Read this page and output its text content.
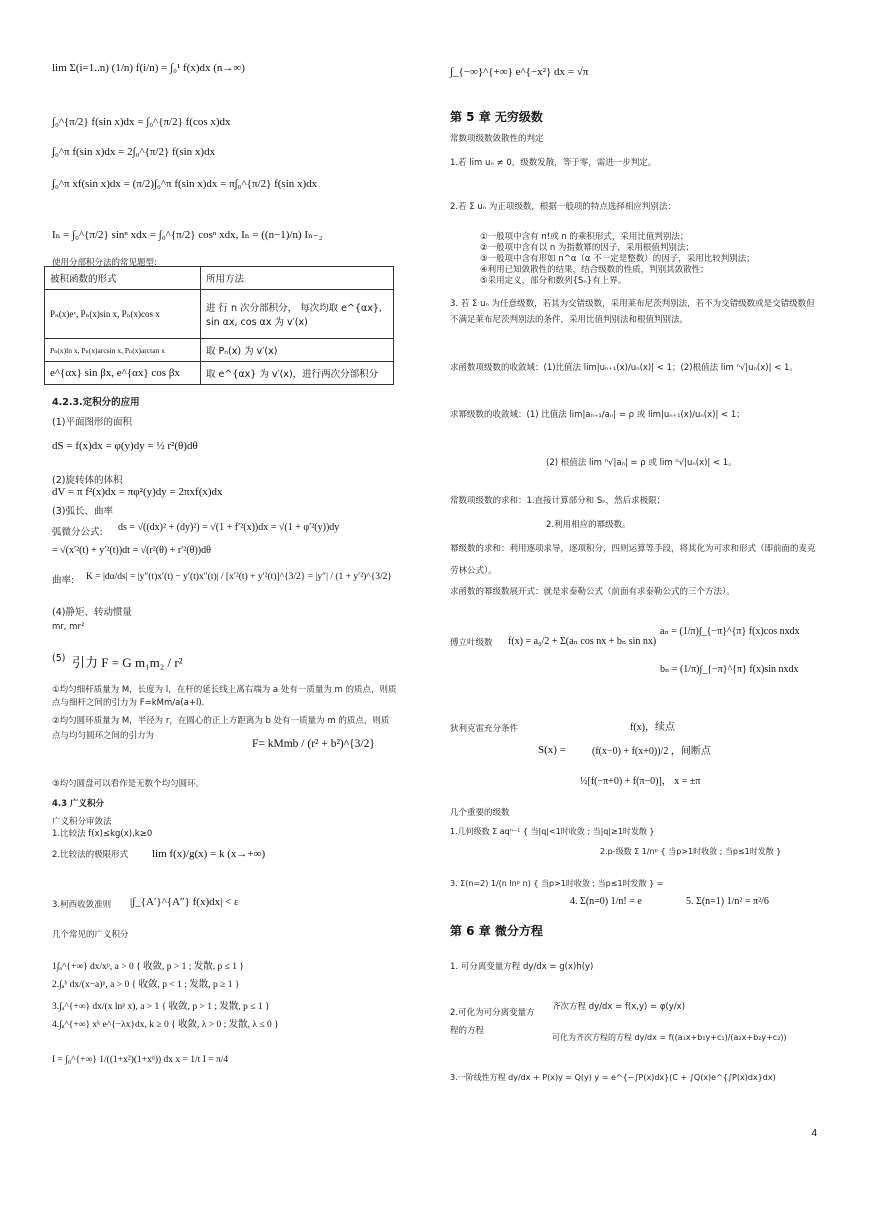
lim Σ(i=1..n) (1/n) f(i/n) = ∫₀¹ f(x)dx (n→∞)
∫₀^{π/2} f(sin x)dx = ∫₀^{π/2} f(cos x)dx
∫₀^π f(sin x)dx = 2∫₀^{π/2} f(sin x)dx
∫₀^π xf(sin x)dx = (π/2)∫₀^π f(sin x)dx = π∫₀^{π/2} f(sin x)dx
Iₙ = ∫₀^{π/2} sinⁿ xdx = ∫₀^{π/2} cosⁿ xdx, Iₙ = ((n−1)/n) Iₙ₋₂
使用分部积分法的常见题型:
被积函数的形式	所用方法
Pₙ(x)eˣ, Pₙ(x)sin x, Pₙ(x)cos x	进 行 n 次分部积分， 每次均取 e^{αx}, sin αx, cos αx 为 v′(x)
Pₙ(x)ln x, Pₙ(x)arcsin x, Pₙ(x)arctan x	取 Pₙ(x) 为 v′(x)
e^{αx} sin βx, e^{αx} cos βx	取 e^{αx} 为 v′(x)，进行两次分部积分
4.2.3.定积分的应用
(1)平面图形的面积
dS = f(x)dx = φ(y)dy = ½ r²(θ)dθ
(2)旋转体的体积
dV = π f²(x)dx = πφ²(y)dy = 2πxf(x)dx
(3)弧长、曲率
弧微分公式: ds = √((dx)² + (dy)²) = √(1 + f′²(x))dx = √(1 + φ′²(y))dy
= √(x′²(t) + y′²(t))dt = √(r²(θ) + r′²(θ))dθ
曲率: K = |dα/ds| = |y″(t)x′(t) − y′(t)x″(t)| / [x′²(t) + y′²(t)]^{3/2} = |y″| / (1 + y′²)^{3/2}
(4)静矩、转动惯量
mr, mr²
(5) 引力 F = G m₁m₂ / r²
①均匀细杆质量为 M，长度为 l，在杆的延长线上离右端为 a 处有一质量为 m 的质点，则质点与细杆之间的引力为 F=kMm/a(a+l).
②均匀圆环质量为 M，半径为 r，在圆心的正上方距离为 b 处有一质量为 m 的质点，则质点与均匀圆环之间的引力为
F= kMmb / (r² + b²)^{3/2}
③均匀圆盘可以看作是无数个均匀圆环。
4.3 广义积分
广义积分审敛法
1.比较法 f(x)≤kg(x),k≥0
2.比较法的极限形式 lim f(x)/g(x) = k (x→+∞)
3.柯西收敛准则 |∫_{A′}^{A″} f(x)dx| < ε
几个常见的广义积分
1∫ₐ^{+∞} dx/xᵖ, a > 0 { 收敛, p > 1 ; 发散, p ≤ 1 }
2.∫ₐᵇ dx/(x−a)ᵖ, a > 0 { 收敛, p < 1 ; 发散, p ≥ 1 }
3.∫ₐ^{+∞} dx/(x lnᵖ x), a > 1 { 收敛, p > 1 ; 发散, p ≤ 1 }
4.∫ₐ^{+∞} xᵏ e^{−λx}dx, k ≥ 0 { 收敛, λ > 0 ; 发散, λ ≤ 0 }
I = ∫₀^{+∞} 1/((1+x²)(1+xᵅ)) dx x = 1/t I = π/4
∫_{−∞}^{+∞} e^{−x²} dx = √π
第 5 章 无穷级数
常数项级数敛散性的判定
1.若 lim uₙ ≠ 0，级数发散，等于零，需进一步判定。
2.若 Σ uₙ 为正项级数，根据一般项的特点选择相应判别法：
①一般项中含有 n!或 n 的乘积形式，采用比值判别法；
②一般项中含有以 n 为指数幂的因子，采用根值判别法；
③一般项中含有形如 n^α（α 不一定是整数）的因子，采用比较判别法；
④利用已知敛散性的结果，结合级数的性质，判别其敛散性；
⑤采用定义，部分和数列{Sₙ}有上界。
3. 若 Σ uₙ 为任意级数，若其为交错级数，采用莱布尼茨判别法，若不为交错级数或是交错级数但不满足莱布尼茨判别法的条件，采用比值判别法和根值判别法。
求函数项级数的收敛域：(1)比值法 lim|uₙ₊₁(x)/uₙ(x)| < 1；(2)根值法 lim ⁿ√|uₙ(x)| < 1。
求幂级数的收敛域：(1) 比值法 lim|aₙ₊₁/aₙ| = ρ 或 lim|uₙ₊₁(x)/uₙ(x)| < 1；
(2) 根值法 lim ⁿ√|aₙ| = ρ 或 lim ⁿ√|uₙ(x)| < 1。
常数项级数的求和：1.直接计算部分和 Sₙ，然后求极限；
2.利用相应的幂级数。
幂级数的求和：利用逐项求导，逐项积分，四则运算等手段，将其化为可求和形式（即前面的麦克劳林公式）。
求函数的幂级数展开式：就是求泰勒公式（前面有求泰勒公式的三个方法）。
傅立叶级数 f(x) = a₀/2 + Σ(aₙ cos nx + bₙ sin nx)
aₙ = (1/π)∫_{−π}^{π} f(x)cos nxdx
bₙ = (1/π)∫_{−π}^{π} f(x)sin nxdx
狄利克雷充分条件
S(x) =
f(x)，续点
(f(x−0) + f(x+0))/2 ，间断点
½[f(−π+0) + f(π−0)]， x = ±π
几个重要的级数
1.几何级数 Σ aqⁿ⁻¹ { 当|q|<1时收敛 ; 当|q|≥1时发散 }
2.p-级数 Σ 1/nᵖ { 当p>1时收敛 ; 当p≤1时发散 }
3. Σ(n=2) 1/(n lnᵖ n) { 当p>1时收敛 ; 当p≤1时发散 } =
4. Σ(n=0) 1/n! = e	5. Σ(n=1) 1/n² = π²/6
第 6 章 微分方程
1. 可分离变量方程 dy/dx = g(x)h(y)
2.可化为可分离变量方程的方程
齐次方程 dy/dx = f(x,y) = φ(y/x)
可化为齐次方程的方程 dy/dx = f((a₁x+b₁y+c₁)/(a₂x+b₂y+c₂))
3.一阶线性方程 dy/dx + P(x)y = Q(y) y = e^{−∫P(x)dx}(C + ∫Q(x)e^{∫P(x)dx}dx)
4
